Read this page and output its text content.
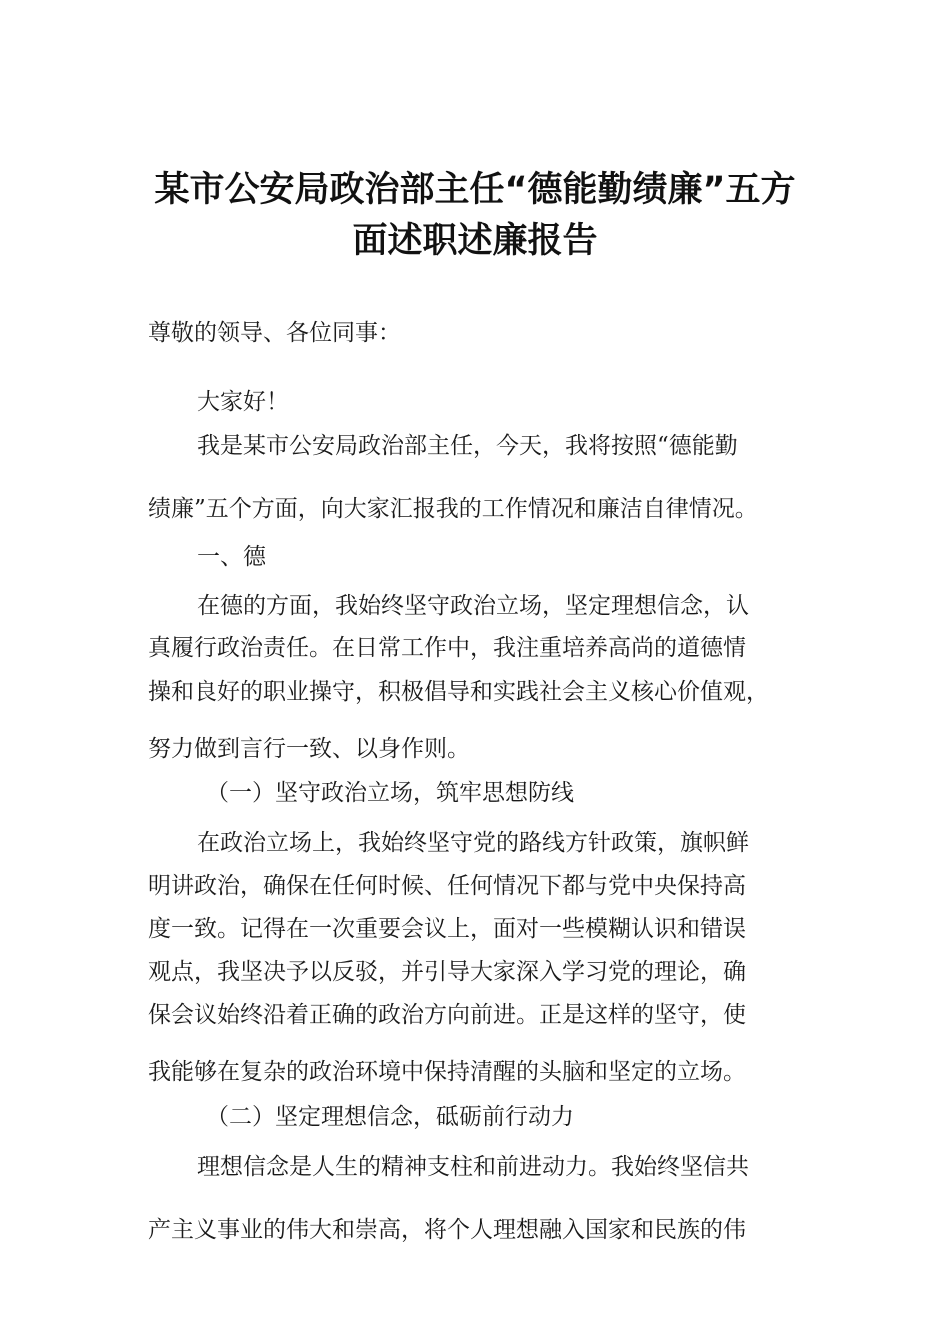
某市公安局政治部主任“德能勤绩廉”五方
面述职述廉报告
尊敬的领导、各位同事：
大家好！
我是某市公安局政治部主任，今天，我将按照“德能勤
绩廉”五个方面，向大家汇报我的工作情况和廉洁自律情况。
一、德
在德的方面，我始终坚守政治立场，坚定理想信念，认
真履行政治责任。在日常工作中，我注重培养高尚的道德情
操和良好的职业操守，积极倡导和实践社会主义核心价值观，
努力做到言行一致、以身作则。
（一）坚守政治立场，筑牢思想防线
在政治立场上，我始终坚守党的路线方针政策，旗帜鲜
明讲政治，确保在任何时候、任何情况下都与党中央保持高
度一致。记得在一次重要会议上，面对一些模糊认识和错误
观点，我坚决予以反驳，并引导大家深入学习党的理论，确
保会议始终沿着正确的政治方向前进。正是这样的坚守，使
我能够在复杂的政治环境中保持清醒的头脑和坚定的立场。
（二）坚定理想信念，砥砺前行动力
理想信念是人生的精神支柱和前进动力。我始终坚信共
产主义事业的伟大和崇高，将个人理想融入国家和民族的伟
